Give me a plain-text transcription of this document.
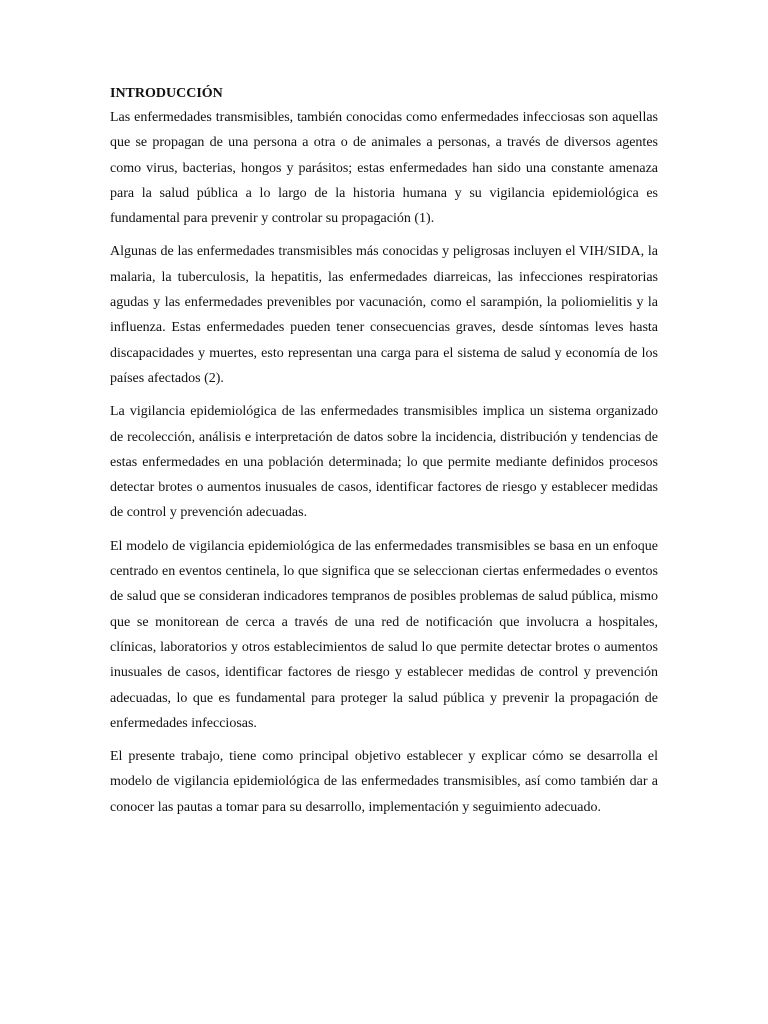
INTRODUCCIÓN

Las enfermedades transmisibles, también conocidas como enfermedades infecciosas son aquellas que se propagan de una persona a otra o de animales a personas, a través de diversos agentes como virus, bacterias, hongos y parásitos; estas enfermedades han sido una constante amenaza para la salud pública a lo largo de la historia humana y su vigilancia epidemiológica es fundamental para prevenir y controlar su propagación (1).

Algunas de las enfermedades transmisibles más conocidas y peligrosas incluyen el VIH/SIDA, la malaria, la tuberculosis, la hepatitis, las enfermedades diarreicas, las infecciones respiratorias agudas y las enfermedades prevenibles por vacunación, como el sarampión, la poliomielitis y la influenza. Estas enfermedades pueden tener consecuencias graves, desde síntomas leves hasta discapacidades y muertes, esto representan una carga para el sistema de salud y economía de los países afectados (2).

La vigilancia epidemiológica de las enfermedades transmisibles implica un sistema organizado de recolección, análisis e interpretación de datos sobre la incidencia, distribución y tendencias de estas enfermedades en una población determinada; lo que permite mediante definidos procesos detectar brotes o aumentos inusuales de casos, identificar factores de riesgo y establecer medidas de control y prevención adecuadas.

El modelo de vigilancia epidemiológica de las enfermedades transmisibles se basa en un enfoque centrado en eventos centinela, lo que significa que se seleccionan ciertas enfermedades o eventos de salud que se consideran indicadores tempranos de posibles problemas de salud pública, mismo que se monitorean de cerca a través de una red de notificación que involucra a hospitales, clínicas, laboratorios y otros establecimientos de salud lo que permite detectar brotes o aumentos inusuales de casos, identificar factores de riesgo y establecer medidas de control y prevención adecuadas, lo que es fundamental para proteger la salud pública y prevenir la propagación de enfermedades infecciosas.

El presente trabajo, tiene como principal objetivo establecer y explicar cómo se desarrolla el modelo de vigilancia epidemiológica de las enfermedades transmisibles, así como también dar a conocer las pautas a tomar para su desarrollo, implementación y seguimiento adecuado.
